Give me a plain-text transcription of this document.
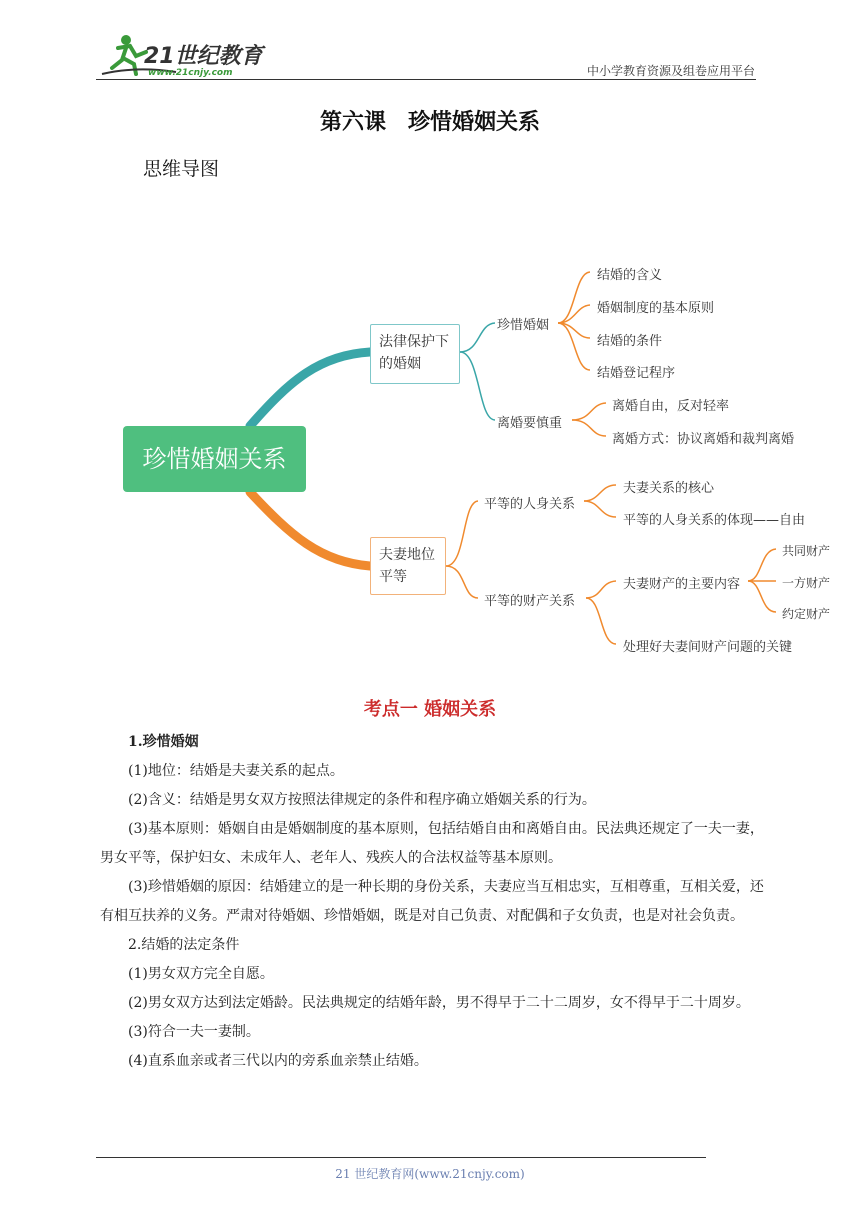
21世纪教育
www.21cnjy.com	中小学教育资源及组卷应用平台
第六课　珍惜婚姻关系
思维导图
珍惜婚姻关系
法律保护下
的婚姻
夫妻地位
平等
珍惜婚姻
结婚的含义
婚姻制度的基本原则
结婚的条件
结婚登记程序
离婚要慎重
离婚自由，反对轻率
离婚方式：协议离婚和裁判离婚
平等的人身关系
夫妻关系的核心
平等的人身关系的体现——自由
平等的财产关系
夫妻财产的主要内容
共同财产
一方财产
约定财产
处理好夫妻间财产问题的关键
考点一 婚姻关系

1.珍惜婚姻

(1)地位：结婚是夫妻关系的起点。

(2)含义：结婚是男女双方按照法律规定的条件和程序确立婚姻关系的行为。

(3)基本原则：婚姻自由是婚姻制度的基本原则，包括结婚自由和离婚自由。民法典还规定了一夫一妻，男女平等，保护妇女、未成年人、老年人、残疾人的合法权益等基本原则。

(3)珍惜婚姻的原因：结婚建立的是一种长期的身份关系，夫妻应当互相忠实，互相尊重，互相关爱，还有相互扶养的义务。严肃对待婚姻、珍惜婚姻，既是对自己负责、对配偶和子女负责，也是对社会负责。

2.结婚的法定条件

(1)男女双方完全自愿。

(2)男女双方达到法定婚龄。民法典规定的结婚年龄，男不得早于二十二周岁，女不得早于二十周岁。

(3)符合一夫一妻制。

(4)直系血亲或者三代以内的旁系血亲禁止结婚。

21 世纪教育网(www.21cnjy.com)
